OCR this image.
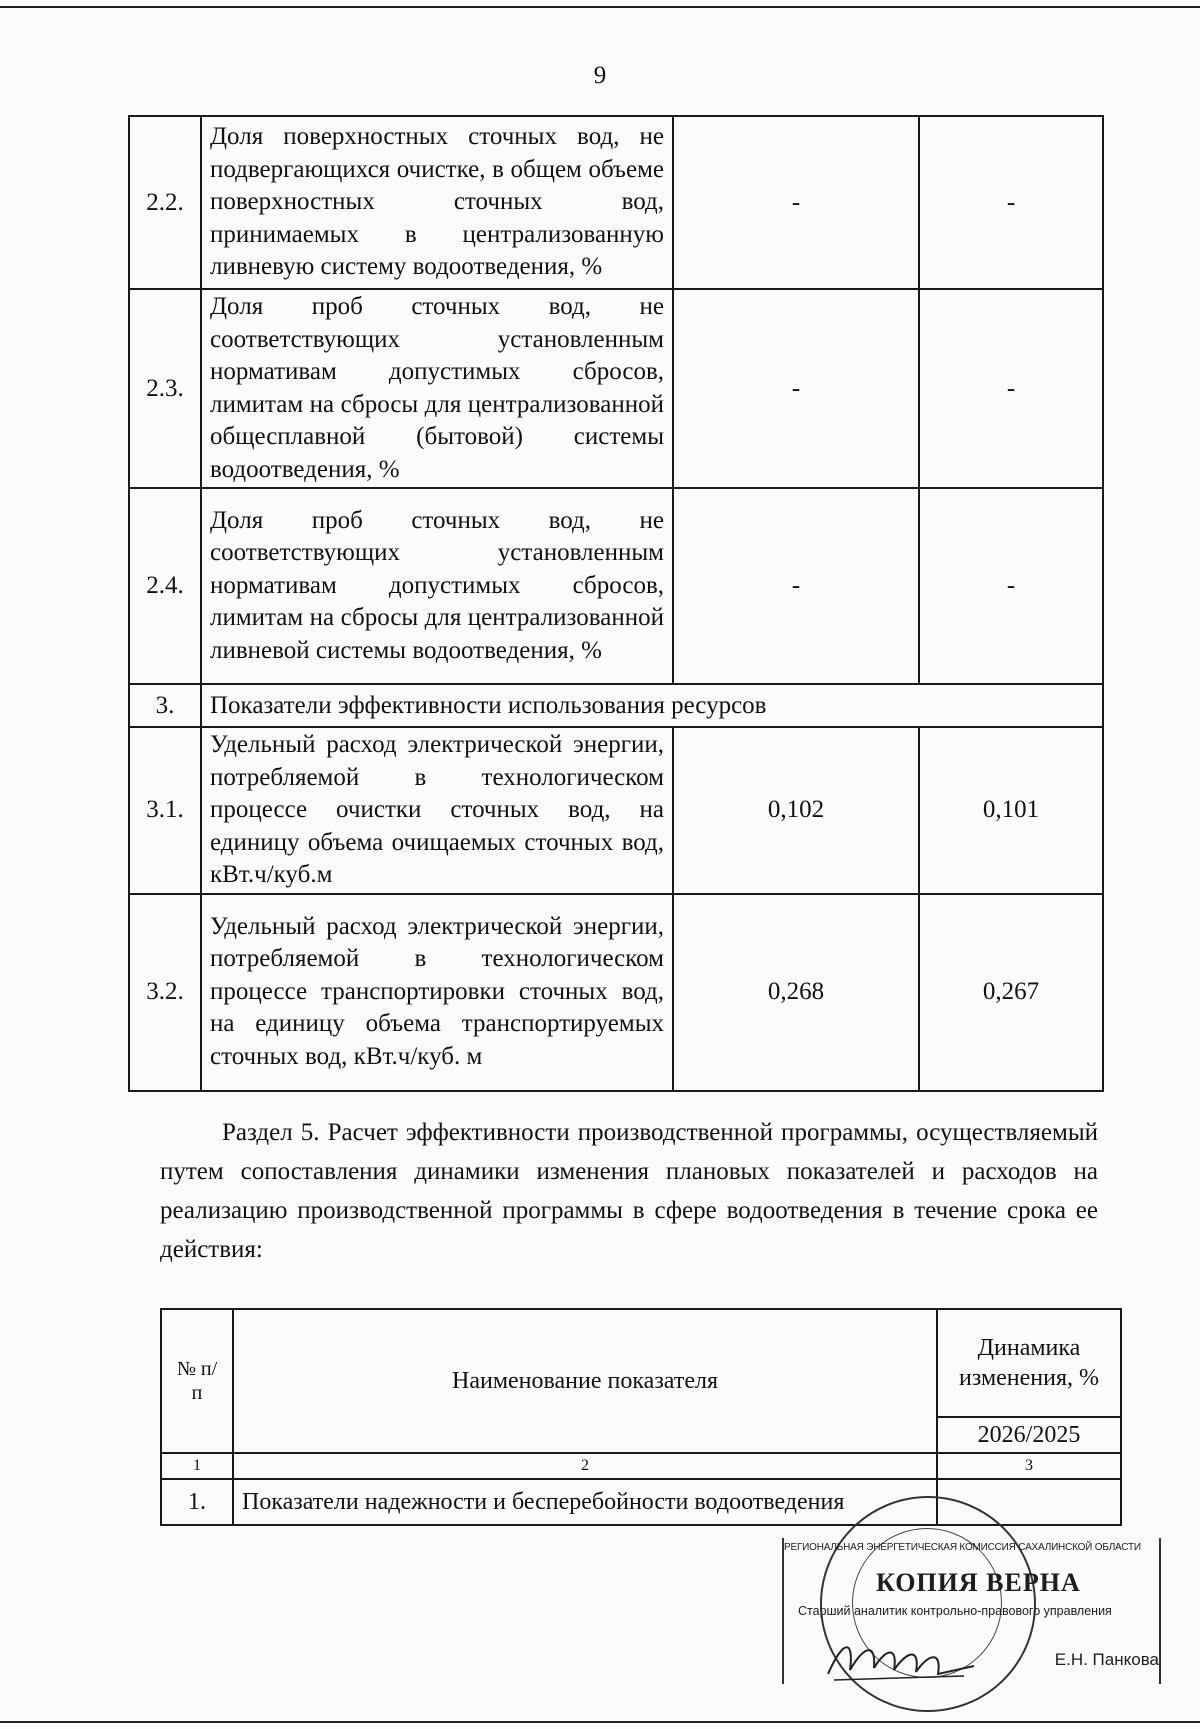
9
2.2.	Доля поверхностных сточных вод, не подвергающихся очистке, в общем объеме поверхностных сточных вод, принимаемых в централизованную ливневую систему водоотведения, %	-	-
2.3.	Доля проб сточных вод, не соответствующих установленным нормативам допустимых сбросов, лимитам на сбросы для централизованной общесплавной (бытовой) системы водоотведения, %	-	-
2.4.	Доля проб сточных вод, не соответствующих установленным нормативам допустимых сбросов, лимитам на сбросы для централизованной ливневой системы водоотведения, %	-	-
3.	Показатели эффективности использования ресурсов		
3.1.	Удельный расход электрической энергии, потребляемой в технологическом процессе очистки сточных вод, на единицу объема очищаемых сточных вод, кВт.ч/куб.м	0,102	0,101
3.2.	Удельный расход электрической энергии, потребляемой в технологическом процессе транспортировки сточных вод, на единицу объема транспортируемых сточных вод, кВт.ч/куб. м	0,268	0,267

Раздел 5. Расчет эффективности производственной программы, осуществляемый путем сопоставления динамики изменения плановых показателей и расходов на реализацию производственной программы в сфере водоотведения в течение срока ее действия:

№ п/п	Наименование показателя	Динамика изменения, %
		2026/2025
1	2	3
1.	Показатели надежности и бесперебойности водоотведения	
РЕГИОНАЛЬНАЯ ЭНЕРГЕТИЧЕСКАЯ КОМИССИЯ САХАЛИНСКОЙ ОБЛАСТИ
КОПИЯ ВЕРНА
Старший аналитик контрольно-правового управления
Е.Н. Панкова
